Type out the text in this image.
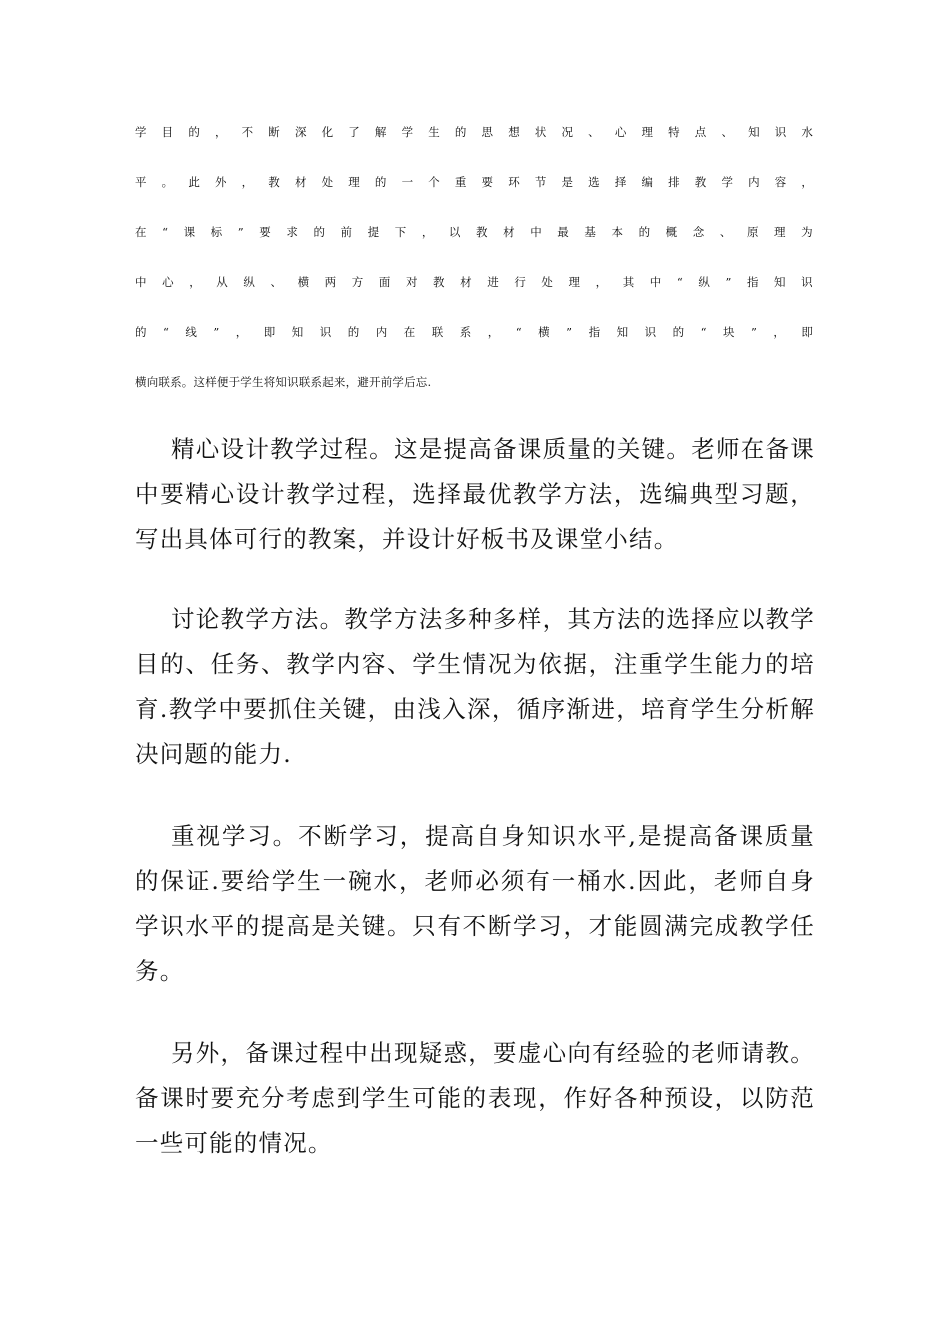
学 目 的 ， 不 断 深 化 了 解 学 生 的 思 想 状 况 、 心 理 特 点 、 知 识 水
平 。 此 外 ， 教 材 处 理 的 一 个 重 要 环 节 是 选 择 编 排 教 学 内 容 ，
在 “ 课 标 ” 要 求 的 前 提 下 ， 以 教 材 中 最 基 本 的 概 念 、 原 理 为
中 心 ， 从 纵 、 横 两 方 面 对 教 材 进 行 处 理 ， 其 中 “ 纵 ” 指 知 识
的 “ 线 ” ， 即 知 识 的 内 在 联 系 ， “ 横 ” 指 知 识 的 “ 块 ” ， 即
横向联系。这样便于学生将知识联系起来，避开前学后忘.

精心设计教学过程。这是提高备课质量的关键。老师在备课中要精心设计教学过程，选择最优教学方法，选编典型习题，写出具体可行的教案，并设计好板书及课堂小结。

讨论教学方法。教学方法多种多样，其方法的选择应以教学目的、任务、教学内容、学生情况为依据，注重学生能力的培育.教学中要抓住关键，由浅入深，循序渐进，培育学生分析解决问题的能力.

重视学习。不断学习，提高自身知识水平,是提高备课质量的保证.要给学生一碗水，老师必须有一桶水.因此，老师自身学识水平的提高是关键。只有不断学习，才能圆满完成教学任务。

另外，备课过程中出现疑惑，要虚心向有经验的老师请教。备课时要充分考虑到学生可能的表现，作好各种预设，以防范一些可能的情况。
